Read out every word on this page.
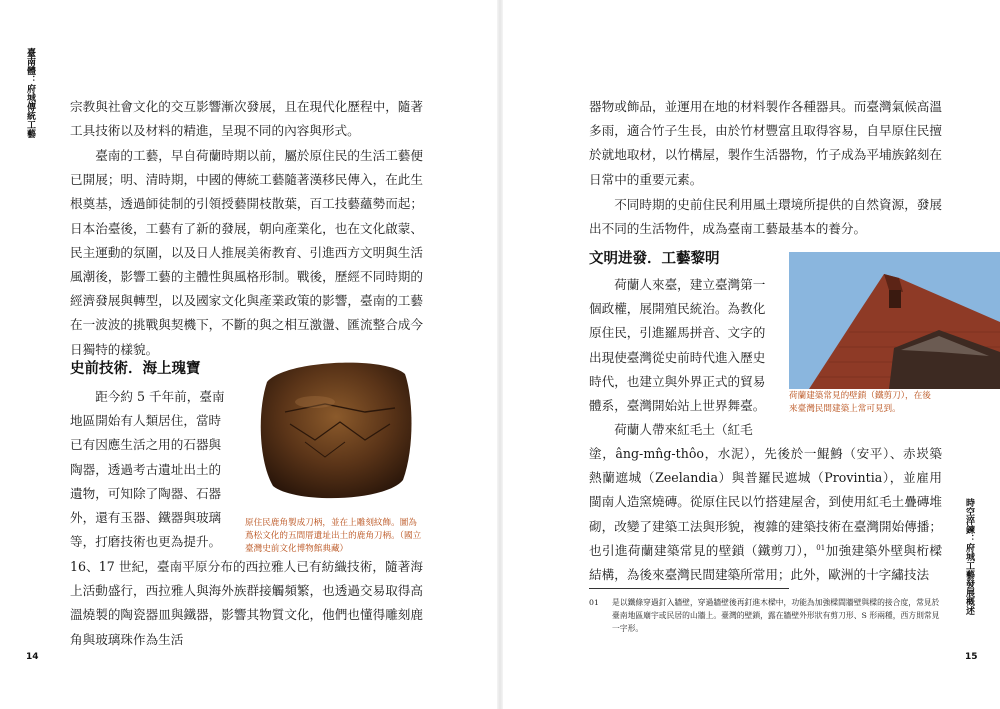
臺南體：府城傳統工藝	宗教與社會文化的交互影響漸次發展，且在現代化歷程中，隨著工具技術以及材料的精進，呈現不同的內容與形式。

臺南的工藝，早自荷蘭時期以前，屬於原住民的生活工藝便已開展；明、清時期，中國的傳統工藝隨著漢移民傳入，在此生根奠基，透過師徒制的引領授藝開枝散葉，百工技藝蘊勢而起；日本治臺後，工藝有了新的發展，朝向產業化，也在文化啟蒙、民主運動的氛圍，以及日人推展美術教育、引進西方文明與生活風潮後，影響工藝的主體性與風格形制。戰後，歷經不同時期的經濟發展與轉型，以及國家文化與產業政策的影響，臺南的工藝在一波波的挑戰與契機下，不斷的與之相互激盪、匯流整合成今日獨特的樣貌。

史前技術．海上瑰寶

距今約 5 千年前，臺南

地區開始有人類居住，當時

已有因應生活之用的石器與

陶器，透過考古遺址出土的

遺物，可知除了陶器、石器

外，還有玉器、鐵器與玻璃

等，打磨技術也更為提升。

16、17 世紀，臺南平原分布的西拉雅人已有紡織技術，隨著海上活動盛行，西拉雅人與海外族群接觸頻繁，也透過交易取得高溫燒製的陶瓷器皿與鐵器，影響其物質文化，他們也懂得雕刻鹿角與玻璃珠作為生活

原住民鹿角製成刀柄，並在上雕刻紋飾。圖為蔦松文化的五間厝遺址出土的鹿角刀柄。（國立臺灣史前文化博物館典藏）
14

器物或飾品，並運用在地的材料製作各種器具。而臺灣氣候高溫多雨，適合竹子生長，由於竹材豐富且取得容易，自早原住民擅於就地取材，以竹構屋，製作生活器物，竹子成為平埔族銘刻在日常中的重要元素。

不同時期的史前住民利用風土環境所提供的自然資源，發展出不同的生活物件，成為臺南工藝最基本的養分。

文明进發．工藝黎明

荷蘭人來臺，建立臺灣第一

個政權，展開殖民統治。為教化

原住民，引進羅馬拼音、文字的

出現使臺灣從史前時代進入歷史

時代，也建立與外界正式的貿易

體系，臺灣開始站上世界舞臺。

荷蘭人帶來紅毛土（紅毛

塗，âng-mn̂g-thôo，水泥），先後於一鯤鯓（安平）、赤崁築熱蘭遮城（Zeelandia）與普羅民遮城（Provintia），並雇用閩南人造窯燒磚。從原住民以竹搭建屋舍，到使用紅毛土疊磚堆砌，改變了建築工法與形貌，複雜的建築技術在臺灣開始傳播；也引進荷蘭建築常見的壁鎖（鐵剪刀），$^{01}$加強建築外壁與桁樑結構，為後來臺灣民間建築所常用；此外，歐洲的十字繡技法

荷蘭建築常見的壁鎖（鐵剪刀），在後來臺灣民間建築上常可見到。
01 是以鐵條穿過釘入牆壁，穿過牆壁後再釘進木樑中，功能為加強樑間牆壁與樑的接合度，常見於臺南地區廟宇或民居的山牆上。臺灣的壁鎖，露在牆壁外形狀有剪刀形、S 形兩種，西方則常見一字形。
15
時空淬鍊：府城工藝發展概述
